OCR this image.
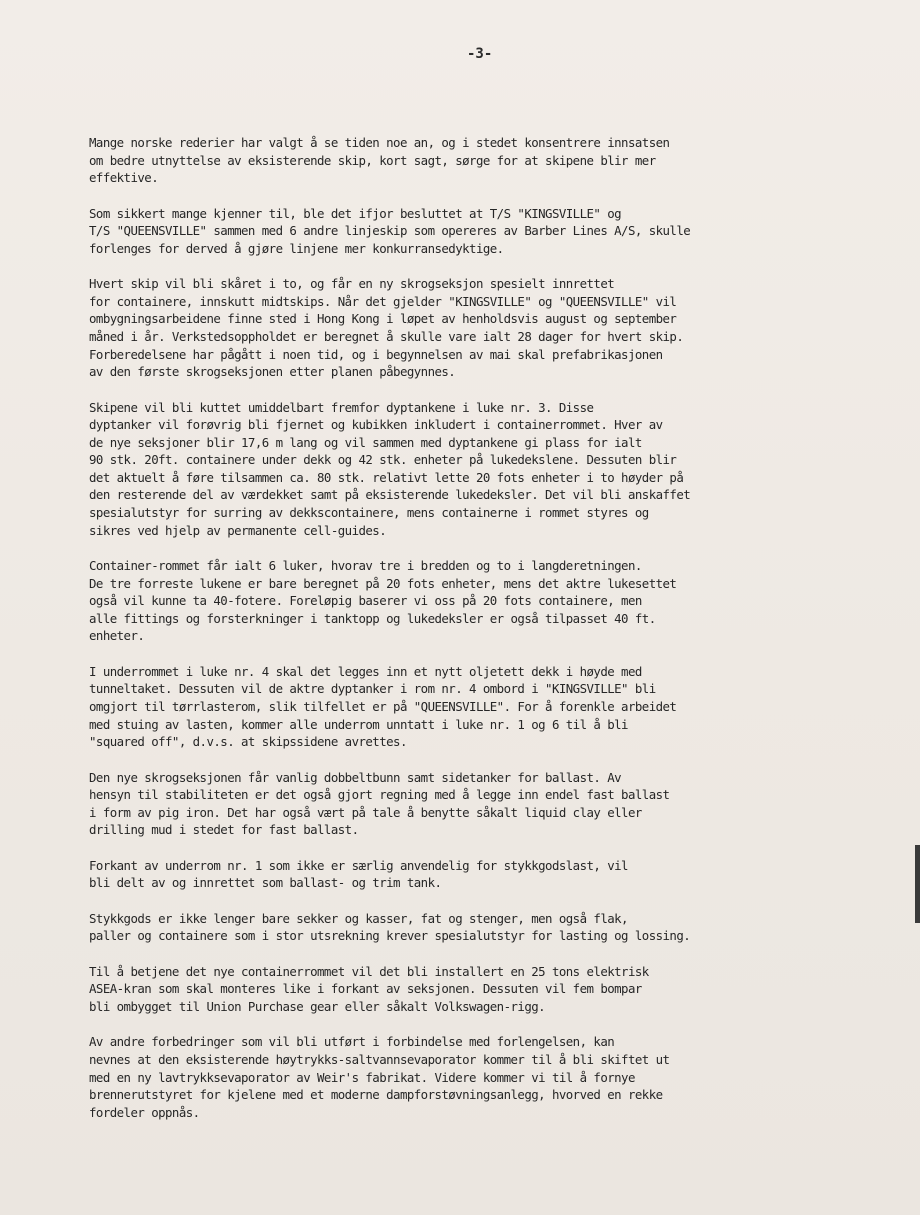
-3-

Mange norske rederier har valgt å se tiden noe an, og i stedet konsentrere innsatsen
om bedre utnyttelse av eksisterende skip, kort sagt, sørge for at skipene blir mer
effektive.

Som sikkert mange kjenner til, ble det ifjor besluttet at T/S "KINGSVILLE" og
T/S "QUEENSVILLE" sammen med 6 andre linjeskip som opereres av Barber Lines A/S, skulle
forlenges for derved å gjøre linjene mer konkurransedyktige.

Hvert skip vil bli skåret i to, og får en ny skrogseksjon spesielt innrettet
for containere, innskutt midtskips. Når det gjelder "KINGSVILLE" og "QUEENSVILLE" vil
ombygningsarbeidene finne sted i Hong Kong i løpet av henholdsvis august og september
måned i år. Verkstedsoppholdet er beregnet å skulle vare ialt 28 dager for hvert skip.
Forberedelsene har pågått i noen tid, og i begynnelsen av mai skal prefabrikasjonen
av den første skrogseksjonen etter planen påbegynnes.

Skipene vil bli kuttet umiddelbart fremfor dyptankene i luke nr. 3. Disse
dyptanker vil forøvrig bli fjernet og kubikken inkludert i containerrommet. Hver av
de nye seksjoner blir 17,6 m lang og vil sammen med dyptankene gi plass for ialt
90 stk. 20ft. containere under dekk og 42 stk. enheter på lukedekslene. Dessuten blir
det aktuelt å føre tilsammen ca. 80 stk. relativt lette 20 fots enheter i to høyder på
den resterende del av værdekket samt på eksisterende lukedeksler. Det vil bli anskaffet
spesialutstyr for surring av dekkscontainere, mens containerne i rommet styres og
sikres ved hjelp av permanente cell-guides.

Container-rommet får ialt 6 luker, hvorav tre i bredden og to i langderetningen.
De tre forreste lukene er bare beregnet på 20 fots enheter, mens det aktre lukesettet
også vil kunne ta 40-fotere. Foreløpig baserer vi oss på 20 fots containere, men
alle fittings og forsterkninger i tanktopp og lukedeksler er også tilpasset 40 ft.
enheter.

I underrommet i luke nr. 4 skal det legges inn et nytt oljetett dekk i høyde med
tunneltaket. Dessuten vil de aktre dyptanker i rom nr. 4 ombord i "KINGSVILLE" bli
omgjort til tørrlasterom, slik tilfellet er på "QUEENSVILLE". For å forenkle arbeidet
med stuing av lasten, kommer alle underrom unntatt i luke nr. 1 og 6 til å bli
"squared off", d.v.s. at skipssidene avrettes.

Den nye skrogseksjonen får vanlig dobbeltbunn samt sidetanker for ballast. Av
hensyn til stabiliteten er det også gjort regning med å legge inn endel fast ballast
i form av pig iron. Det har også vært på tale å benytte såkalt liquid clay eller
drilling mud i stedet for fast ballast.

Forkant av underrom nr. 1 som ikke er særlig anvendelig for stykkgodslast, vil
bli delt av og innrettet som ballast- og trim tank.

Stykkgods er ikke lenger bare sekker og kasser, fat og stenger, men også flak,
paller og containere som i stor utsrekning krever spesialutstyr for lasting og lossing.

Til å betjene det nye containerrommet vil det bli installert en 25 tons elektrisk
ASEA-kran som skal monteres like i forkant av seksjonen. Dessuten vil fem bompar
bli ombygget til Union Purchase gear eller såkalt Volkswagen-rigg.

Av andre forbedringer som vil bli utført i forbindelse med forlengelsen, kan
nevnes at den eksisterende høytrykks-saltvannsevaporator kommer til å bli skiftet ut
med en ny lavtrykksevaporator av Weir's fabrikat. Videre kommer vi til å fornye
brennerutstyret for kjelene med et moderne dampforstøvningsanlegg, hvorved en rekke
fordeler oppnås.
